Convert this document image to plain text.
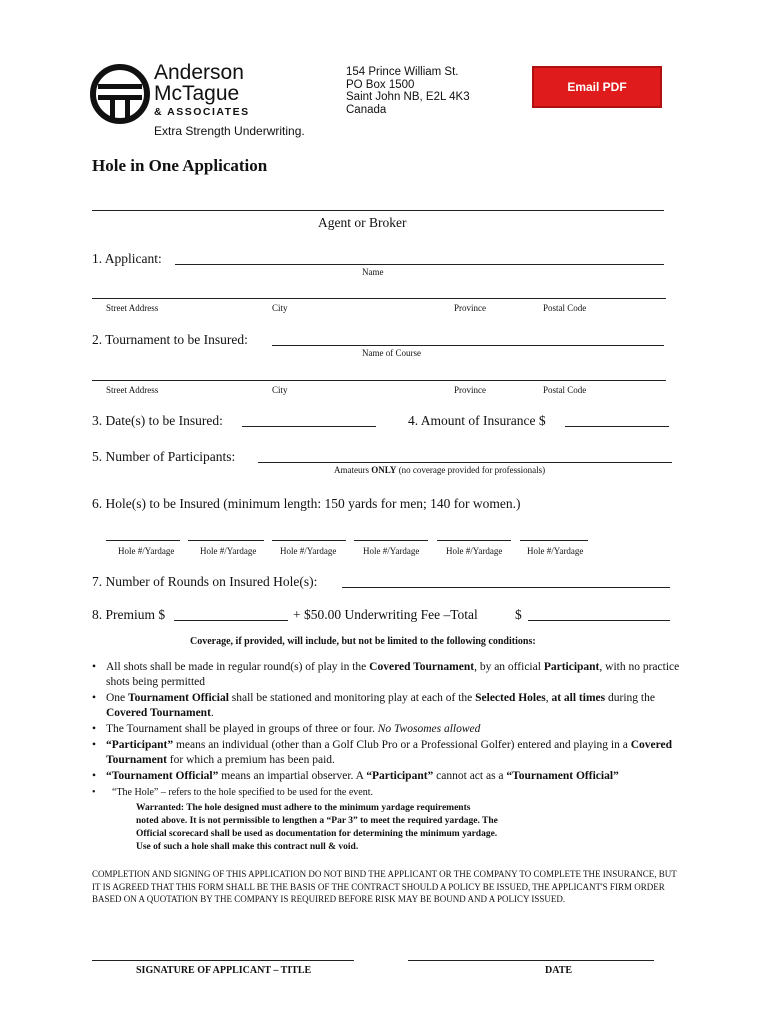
Anderson
McTague
& ASSOCIATES
Extra Strength Underwriting.
154 Prince William St.
PO Box 1500
Saint John NB, E2L 4K3
Canada
Email PDF
Hole in One Application
Agent or Broker
1. Applicant:
Name
Street Address	City	Province	Postal Code
2. Tournament to be Insured:
Name of Course
Street Address	City	Province	Postal Code
3. Date(s) to be Insured:	4. Amount of Insurance $
5. Number of Participants:
Amateurs ONLY (no coverage provided for professionals)
6. Hole(s) to be Insured (minimum length: 150 yards for men; 140 for women.)
Hole #/Yardage	Hole #/Yardage	Hole #/Yardage	Hole #/Yardage	Hole #/Yardage	Hole #/Yardage
7. Number of Rounds on Insured Hole(s):
8. Premium $	+ $50.00 Underwriting Fee –Total	$
Coverage, if provided, will include, but not be limited to the following conditions:
• All shots shall be made in regular round(s) of play in the Covered Tournament, by an official Participant, with no practice shots being permitted
• One Tournament Official shall be stationed and monitoring play at each of the Selected Holes, at all times during the Covered Tournament.
• The Tournament shall be played in groups of three or four. No Twosomes allowed
• “Participant” means an individual (other than a Golf Club Pro or a Professional Golfer) entered and playing in a Covered Tournament for which a premium has been paid.
• “Tournament Official” means an impartial observer. A “Participant” cannot act as a “Tournament Official”
• “The Hole” – refers to the hole specified to be used for the event.
Warranted: The hole designed must adhere to the minimum yardage requirements
noted above. It is not permissible to lengthen a “Par 3” to meet the required yardage. The
Official scorecard shall be used as documentation for determining the minimum yardage.
Use of such a hole shall make this contract null & void.
COMPLETION AND SIGNING OF THIS APPLICATION DO NOT BIND THE APPLICANT OR THE COMPANY TO COMPLETE THE INSURANCE, BUT IT IS AGREED THAT THIS FORM SHALL BE THE BASIS OF THE CONTRACT SHOULD A POLICY BE ISSUED, THE APPLICANT'S FIRM ORDER BASED ON A QUOTATION BY THE COMPANY IS REQUIRED BEFORE RISK MAY BE BOUND AND A POLICY ISSUED.
SIGNATURE OF APPLICANT – TITLE	DATE
